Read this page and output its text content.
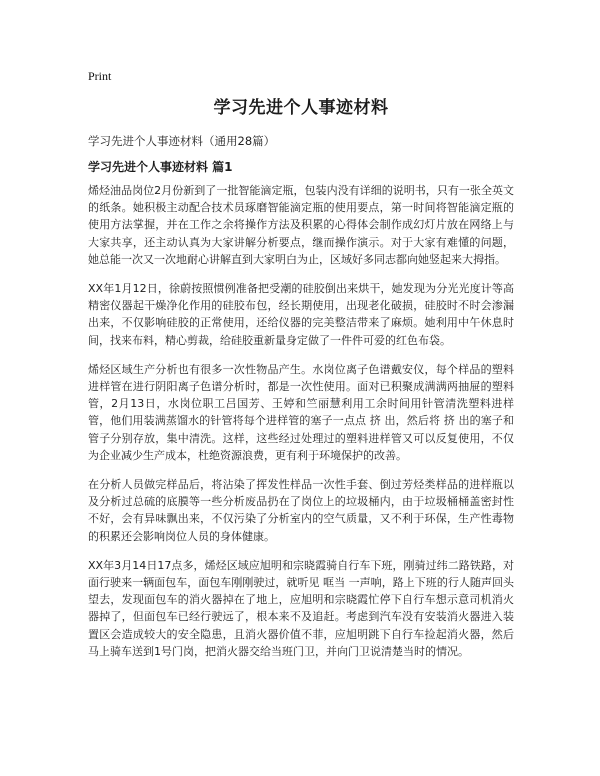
Print
学习先进个人事迹材料
学习先进个人事迹材料（通用28篇）
学习先进个人事迹材料 篇1

烯烃油品岗位2月份新到了一批智能滴定瓶，包装内没有详细的说明书，只有一张全英文的纸条。她积极主动配合技术员琢磨智能滴定瓶的使用要点，第一时间将智能滴定瓶的使用方法掌握，并在工作之余将操作方法及积累的心得体会制作成幻灯片放在网络上与大家共享，还主动认真为大家讲解分析要点，继而操作演示。对于大家有难懂的问题，她总能一次又一次地耐心讲解直到大家明白为止，区域好多同志都向她竖起来大拇指。

XX年1月12日，徐蔚按照惯例准备把受潮的硅胶倒出来烘干，她发现为分光光度计等高精密仪器起干燥净化作用的硅胶布包，经长期使用，出现老化破损，硅胶时不时会渗漏出来，不仅影响硅胶的正常使用，还给仪器的完美整洁带来了麻烦。她利用中午休息时间，找来布料，精心剪裁，给硅胶重新量身定做了一件件可爱的红色布袋。

烯烃区域生产分析也有很多一次性物品产生。水岗位离子色谱戴安仪，每个样品的塑料进样管在进行阴阳离子色谱分析时，都是一次性使用。面对已积聚成满满两抽屉的塑料管，2月13日，水岗位职工吕国芳、王婷和竺丽慧利用工余时间用针管清洗塑料进样管，他们用装满蒸馏水的针管将每个进样管的塞子一点点 挤 出，然后将 挤 出的塞子和管子分别存放，集中清洗。这样，这些经过处理过的塑料进样管又可以反复使用，不仅为企业减少生产成本，杜绝资源浪费，更有利于环境保护的改善。

在分析人员做完样品后，将沾染了挥发性样品一次性手套、倒过芳烃类样品的进样瓶以及分析过总硫的底膜等一些分析废品扔在了岗位上的垃圾桶内，由于垃圾桶桶盖密封性不好，会有异味飘出来，不仅污染了分析室内的空气质量，又不利于环保，生产性毒物的积累还会影响岗位人员的身体健康。

XX年3月14日17点多，烯烃区域应旭明和宗晓霞骑自行车下班，刚骑过纬二路铁路，对面行驶来一辆面包车，面包车刚刚驶过，就听见 哐当 一声响，路上下班的行人随声回头望去，发现面包车的消火器掉在了地上，应旭明和宗晓霞忙停下自行车想示意司机消火器掉了，但面包车已经行驶远了，根本来不及追赶。考虑到汽车没有安装消火器进入装置区会造成较大的安全隐患，且消火器价值不菲，应旭明跳下自行车捡起消火器，然后马上骑车送到1号门岗，把消火器交给当班门卫，并向门卫说清楚当时的情况。
